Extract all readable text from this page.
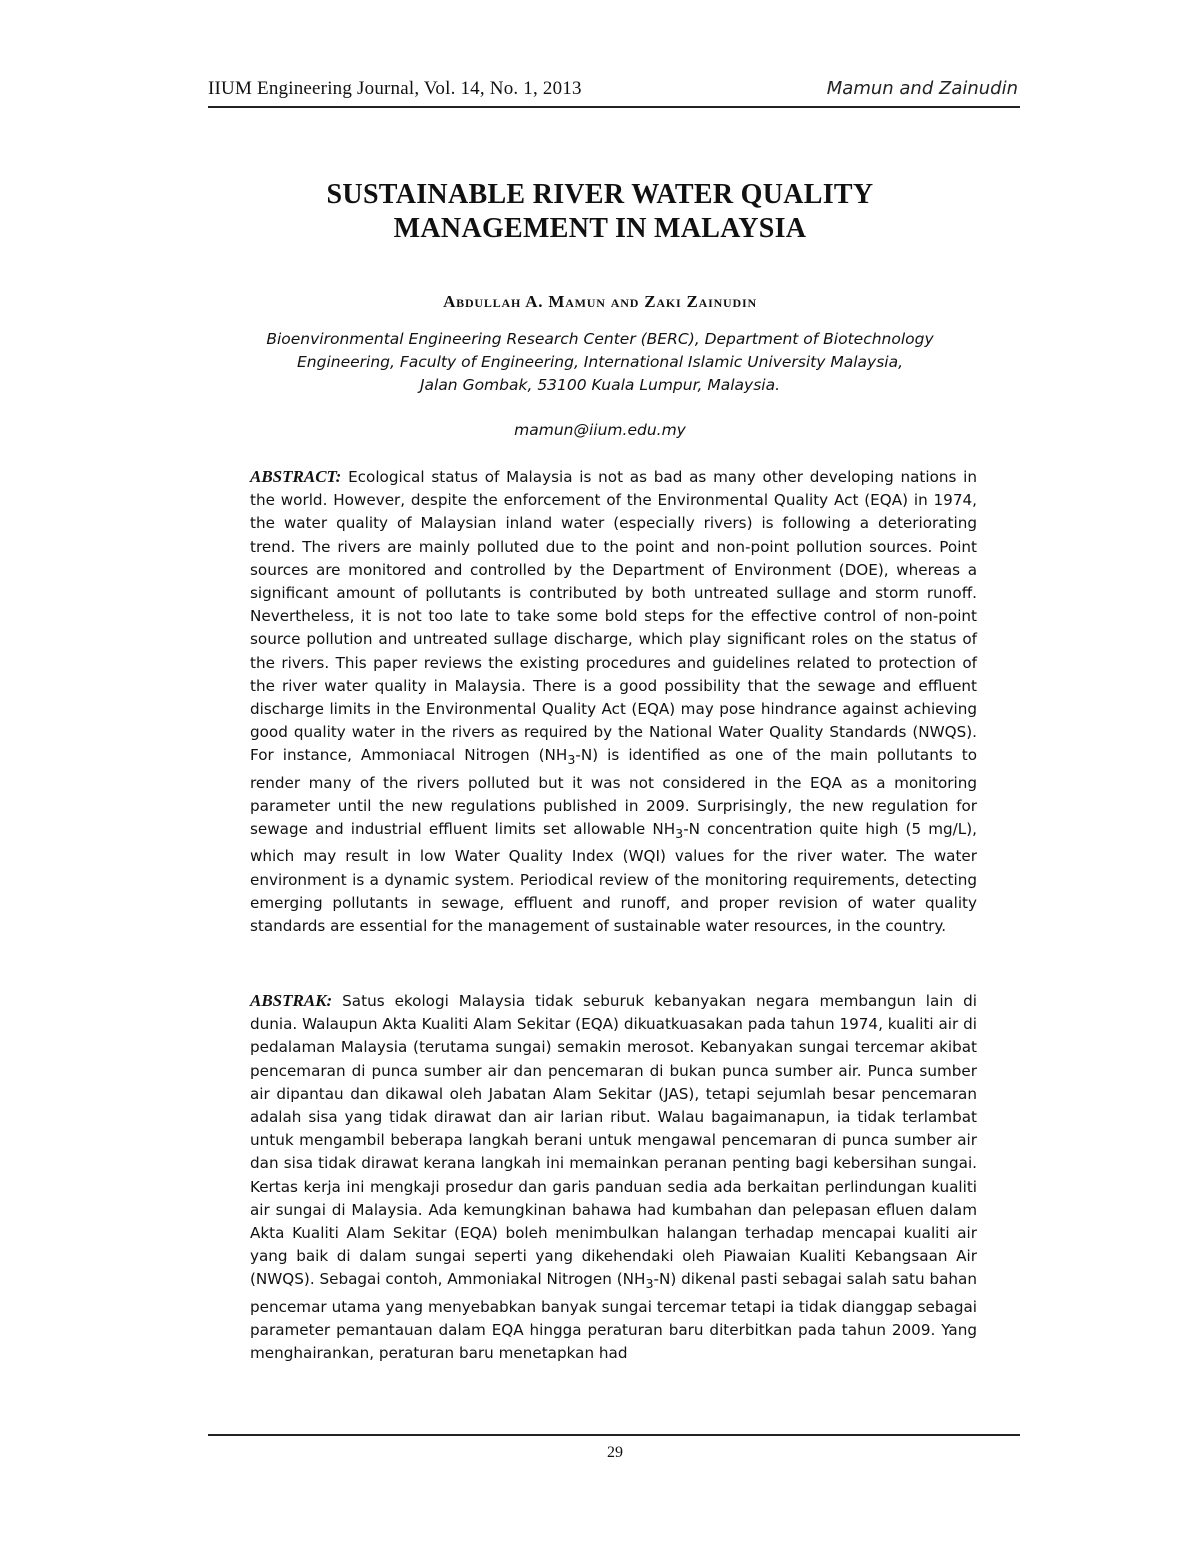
IIUM Engineering Journal, Vol. 14, No. 1, 2013	Mamun and Zainudin
SUSTAINABLE RIVER WATER QUALITY
MANAGEMENT IN MALAYSIA
Abdullah A. Mamun and Zaki Zainudin
Bioenvironmental Engineering Research Center (BERC), Department of Biotechnology
Engineering, Faculty of Engineering, International Islamic University Malaysia,
Jalan Gombak, 53100 Kuala Lumpur, Malaysia.
mamun@iium.edu.my
ABSTRACT: Ecological status of Malaysia is not as bad as many other developing nations in the world. However, despite the enforcement of the Environmental Quality Act (EQA) in 1974, the water quality of Malaysian inland water (especially rivers) is following a deteriorating trend. The rivers are mainly polluted due to the point and non-point pollution sources. Point sources are monitored and controlled by the Department of Environment (DOE), whereas a significant amount of pollutants is contributed by both untreated sullage and storm runoff. Nevertheless, it is not too late to take some bold steps for the effective control of non-point source pollution and untreated sullage discharge, which play significant roles on the status of the rivers. This paper reviews the existing procedures and guidelines related to protection of the river water quality in Malaysia. There is a good possibility that the sewage and effluent discharge limits in the Environmental Quality Act (EQA) may pose hindrance against achieving good quality water in the rivers as required by the National Water Quality Standards (NWQS). For instance, Ammoniacal Nitrogen $(NH_3-N)$ is identified as one of the main pollutants to render many of the rivers polluted but it was not considered in the EQA as a monitoring parameter until the new regulations published in 2009. Surprisingly, the new regulation for sewage and industrial effluent limits set allowable $NH_3-N$ concentration quite high (5 mg/L), which may result in low Water Quality Index (WQI) values for the river water. The water environment is a dynamic system. Periodical review of the monitoring requirements, detecting emerging pollutants in sewage, effluent and runoff, and proper revision of water quality standards are essential for the management of sustainable water resources, in the country.
ABSTRAK: Satus ekologi Malaysia tidak seburuk kebanyakan negara membangun lain di dunia. Walaupun Akta Kualiti Alam Sekitar (EQA) dikuatkuasakan pada tahun 1974, kualiti air di pedalaman Malaysia (terutama sungai) semakin merosot. Kebanyakan sungai tercemar akibat pencemaran di punca sumber air dan pencemaran di bukan punca sumber air. Punca sumber air dipantau dan dikawal oleh Jabatan Alam Sekitar (JAS), tetapi sejumlah besar pencemaran adalah sisa yang tidak dirawat dan air larian ribut. Walau bagaimanapun, ia tidak terlambat untuk mengambil beberapa langkah berani untuk mengawal pencemaran di punca sumber air dan sisa tidak dirawat kerana langkah ini memainkan peranan penting bagi kebersihan sungai. Kertas kerja ini mengkaji prosedur dan garis panduan sedia ada berkaitan perlindungan kualiti air sungai di Malaysia. Ada kemungkinan bahawa had kumbahan dan pelepasan efluen dalam Akta Kualiti Alam Sekitar (EQA) boleh menimbulkan halangan terhadap mencapai kualiti air yang baik di dalam sungai seperti yang dikehendaki oleh Piawaian Kualiti Kebangsaan Air (NWQS). Sebagai contoh, Ammoniakal Nitrogen $(NH_3-N)$ dikenal pasti sebagai salah satu bahan pencemar utama yang menyebabkan banyak sungai tercemar tetapi ia tidak dianggap sebagai parameter pemantauan dalam EQA hingga peraturan baru diterbitkan pada tahun 2009. Yang menghairankan, peraturan baru menetapkan had
29
